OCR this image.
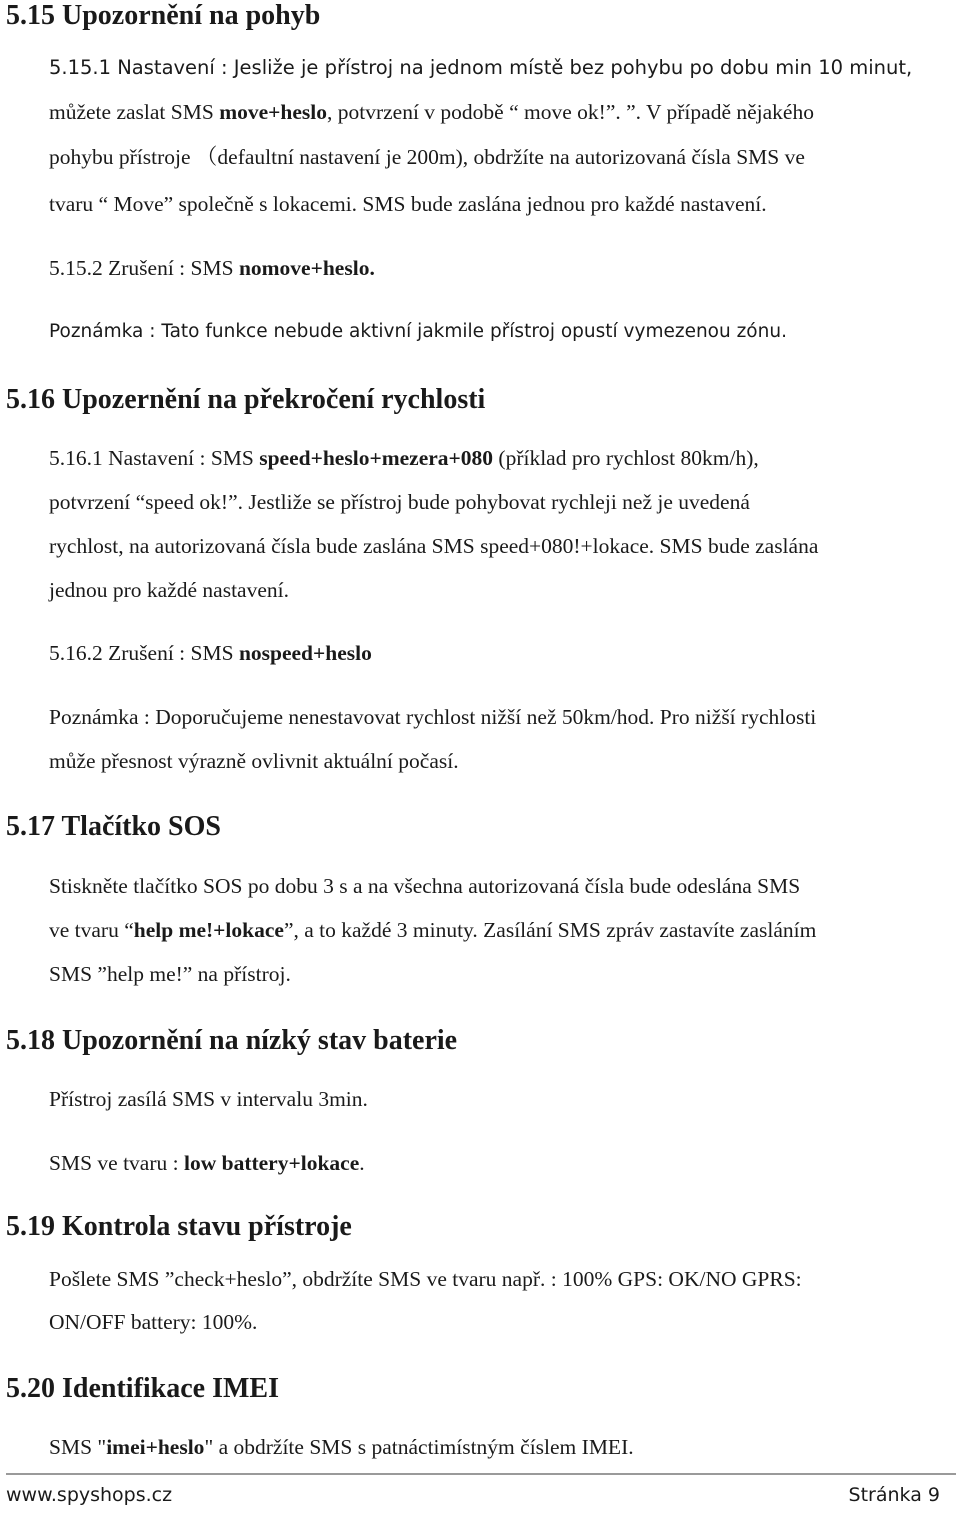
5.15 Upozornění na pohyb
5.15.1 Nastavení : Jesliže je přístroj na jednom místě bez pohybu po dobu min 10 minut,
můžete zaslat SMS move+heslo, potvrzení v podobě “ move ok!”. ”. V případě nějakého
pohybu přístroje （defaultní nastavení je 200m), obdržíte na autorizovaná čísla SMS ve
tvaru “ Move” společně s lokacemi. SMS bude zaslána jednou pro každé nastavení.
5.15.2 Zrušení : SMS nomove+heslo.
Poznámka : Tato funkce nebude aktivní jakmile přístroj opustí vymezenou zónu.
5.16 Upozernění na překročení rychlosti
5.16.1 Nastavení : SMS speed+heslo+mezera+080 (příklad pro rychlost 80km/h),
potvrzení “speed ok!”. Jestliže se přístroj bude pohybovat rychleji než je uvedená
rychlost, na autorizovaná čísla bude zaslána SMS speed+080!+lokace. SMS bude zaslána
jednou pro každé nastavení.
5.16.2 Zrušení : SMS nospeed+heslo
Poznámka : Doporučujeme nenestavovat rychlost nižší než 50km/hod. Pro nižší rychlosti
může přesnost výrazně ovlivnit aktuální počasí.
5.17 Tlačítko SOS
Stiskněte tlačítko SOS po dobu 3 s a na všechna autorizovaná čísla bude odeslána SMS
ve tvaru “help me!+lokace”, a to každé 3 minuty. Zasílání SMS zpráv zastavíte zasláním
SMS ”help me!” na přístroj.
5.18 Upozornění na nízký stav baterie
Přístroj zasílá SMS v intervalu 3min.
SMS ve tvaru : low battery+lokace.
5.19 Kontrola stavu přístroje
Pošlete SMS ”check+heslo”, obdržíte SMS ve tvaru např. : 100% GPS: OK/NO GPRS:
ON/OFF battery: 100%.
5.20 Identifikace IMEI
SMS "imei+heslo" a obdržíte SMS s patnáctimístným číslem IMEI.
www.spyshops.cz	Stránka 9
